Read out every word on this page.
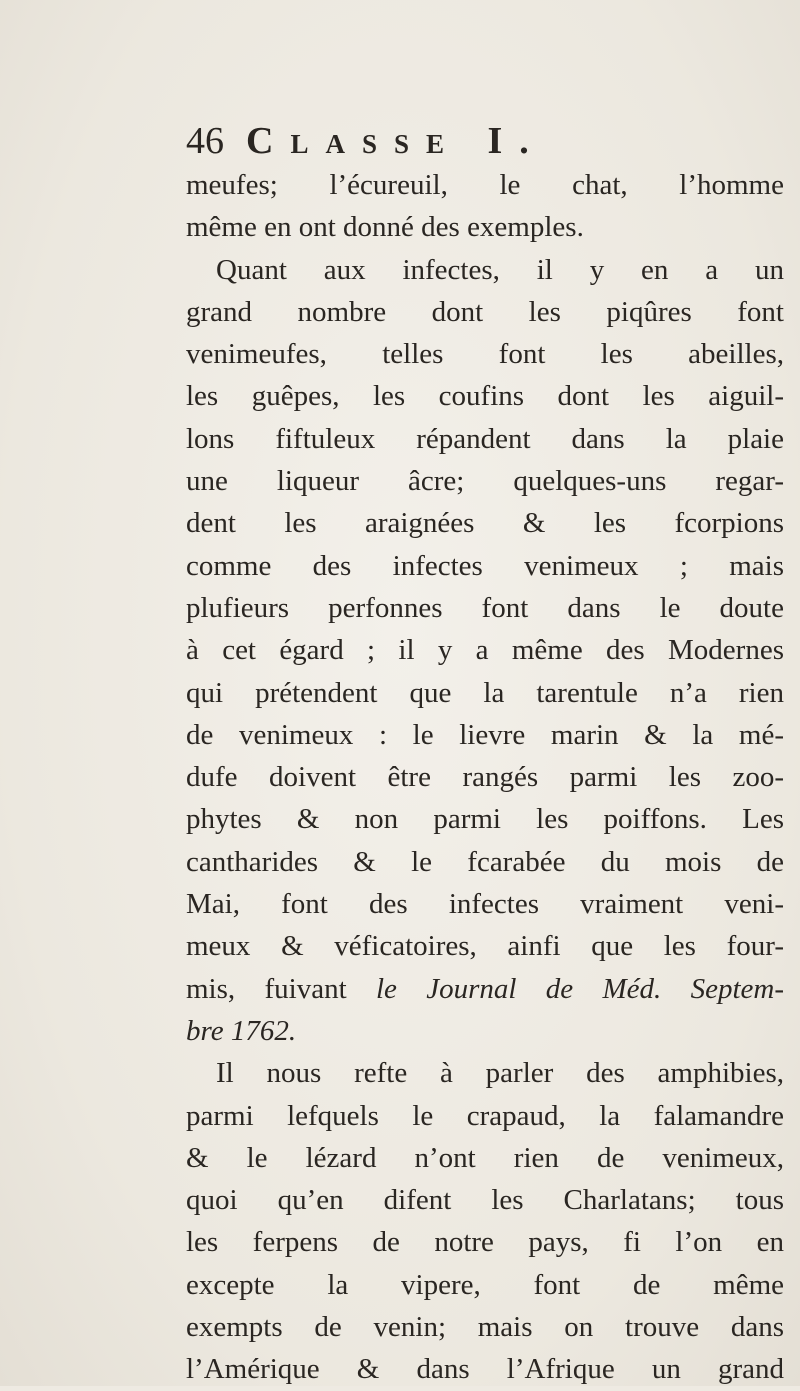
46 Classe I.
meufes; l’écureuil, le chat, l’homme
même en ont donné des exemples.
Quant aux infectes, il y en a un
grand nombre dont les piqûres font
venimeufes, telles font les abeilles,
les guêpes, les coufins dont les aiguil-
lons fiftuleux répandent dans la plaie
une liqueur âcre; quelques-uns regar-
dent les araignées & les fcorpions
comme des infectes venimeux ; mais
plufieurs perfonnes font dans le doute
à cet égard ; il y a même des Modernes
qui prétendent que la tarentule n’a rien
de venimeux : le lievre marin & la mé-
dufe doivent être rangés parmi les zoo-
phytes & non parmi les poiffons. Les
cantharides & le fcarabée du mois de
Mai, font des infectes vraiment veni-
meux & véficatoires, ainfi que les four-
mis, fuivant le Journal de Méd. Septem-
bre 1762.
Il nous refte à parler des amphibies,
parmi lefquels le crapaud, la falamandre
& le lézard n’ont rien de venimeux,
quoi qu’en difent les Charlatans; tous
les ferpens de notre pays, fi l’on en
excepte la vipere, font de même
exempts de venin; mais on trouve dans
l’Amérique & dans l’Afrique un grand
